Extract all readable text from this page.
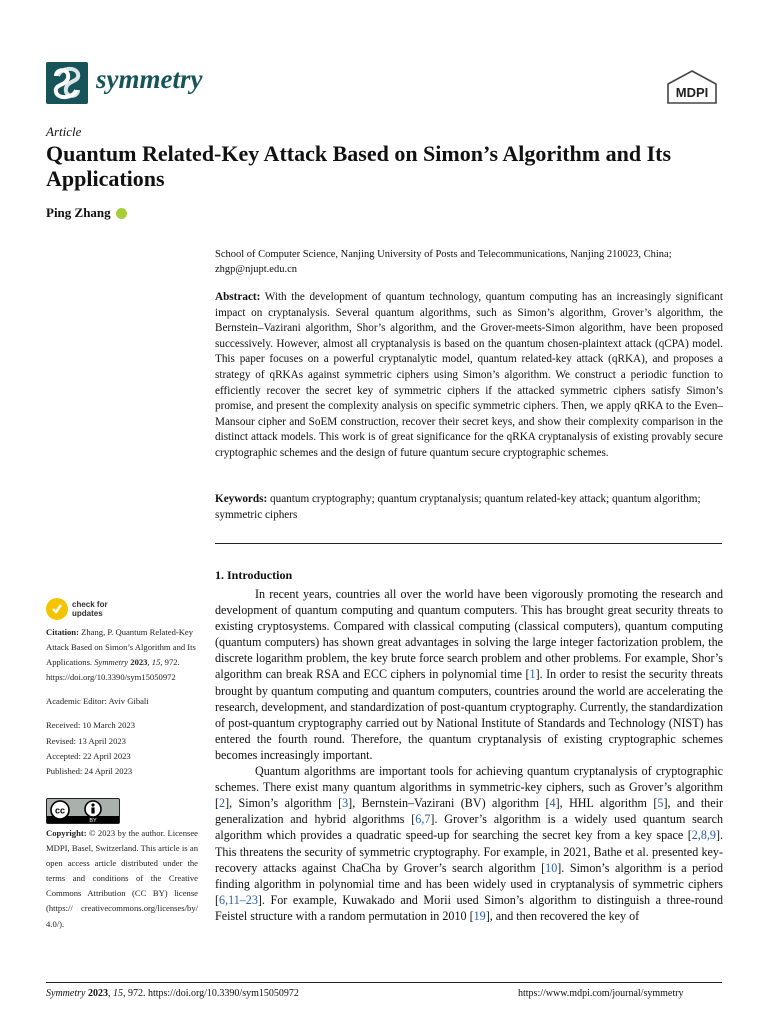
symmetry	MDPI
Article
Quantum Related-Key Attack Based on Simon’s Algorithm and Its Applications
Ping Zhang
School of Computer Science, Nanjing University of Posts and Telecommunications, Nanjing 210023, China; zhgp@njupt.edu.cn
Abstract: With the development of quantum technology, quantum computing has an increasingly significant impact on cryptanalysis. Several quantum algorithms, such as Simon’s algorithm, Grover’s algorithm, the Bernstein–Vazirani algorithm, Shor’s algorithm, and the Grover-meets-Simon algorithm, have been proposed successively. However, almost all cryptanalysis is based on the quantum chosen-plaintext attack (qCPA) model. This paper focuses on a powerful cryptanalytic model, quantum related-key attack (qRKA), and proposes a strategy of qRKAs against symmetric ciphers using Simon’s algorithm. We construct a periodic function to efficiently recover the secret key of symmetric ciphers if the attacked symmetric ciphers satisfy Simon’s promise, and present the complexity analysis on specific symmetric ciphers. Then, we apply qRKA to the Even–Mansour cipher and SoEM construction, recover their secret keys, and show their complexity comparison in the distinct attack models. This work is of great significance for the qRKA cryptanalysis of existing provably secure cryptographic schemes and the design of future quantum secure cryptographic schemes.
Keywords: quantum cryptography; quantum cryptanalysis; quantum related-key attack; quantum algorithm; symmetric ciphers
1. Introduction

In recent years, countries all over the world have been vigorously promoting the research and development of quantum computing and quantum computers. This has brought great security threats to existing cryptosystems. Compared with classical computing (classical computers), quantum computing (quantum computers) has shown great advantages in solving the large integer factorization problem, the discrete logarithm problem, the key brute force search problem and other problems. For example, Shor’s algorithm can break RSA and ECC ciphers in polynomial time [1]. In order to resist the security threats brought by quantum computing and quantum computers, countries around the world are accelerating the research, development, and standardization of post-quantum cryptography. Currently, the standardization of post-quantum cryptography carried out by National Institute of Standards and Technology (NIST) has entered the fourth round. Therefore, the quantum cryptanalysis of existing cryptographic schemes becomes increasingly important.

Quantum algorithms are important tools for achieving quantum cryptanalysis of cryptographic schemes. There exist many quantum algorithms in symmetric-key ciphers, such as Grover’s algorithm [2], Simon’s algorithm [3], Bernstein–Vazirani (BV) algorithm [4], HHL algorithm [5], and their generalization and hybrid algorithms [6,7]. Grover’s algorithm is a widely used quantum search algorithm which provides a quadratic speed-up for searching the secret key from a key space [2,8,9]. This threatens the security of symmetric cryptography. For example, in 2021, Bathe et al. presented key-recovery attacks against ChaCha by Grover’s search algorithm [10]. Simon’s algorithm is a period finding algorithm in polynomial time and has been widely used in cryptanalysis of symmetric ciphers [6,11–23]. For example, Kuwakado and Morii used Simon’s algorithm to distinguish a three-round Feistel structure with a random permutation in 2010 [19], and then recovered the key of

check for
updates

Citation: Zhang, P. Quantum Related-Key Attack Based on Simon’s Algorithm and Its Applications. Symmetry 2023, 15, 972. https://doi.org/10.3390/sym15050972

Academic Editor: Aviv Gibali

Received: 10 March 2023

Revised: 13 April 2023

Accepted: 22 April 2023

Published: 24 April 2023

cc
BY
Copyright: © 2023 by the author. Licensee MDPI, Basel, Switzerland. This article is an open access article distributed under the terms and conditions of the Creative Commons Attribution (CC BY) license (https:// creativecommons.org/licenses/by/ 4.0/).
Symmetry 2023, 15, 972. https://doi.org/10.3390/sym15050972	https://www.mdpi.com/journal/symmetry
